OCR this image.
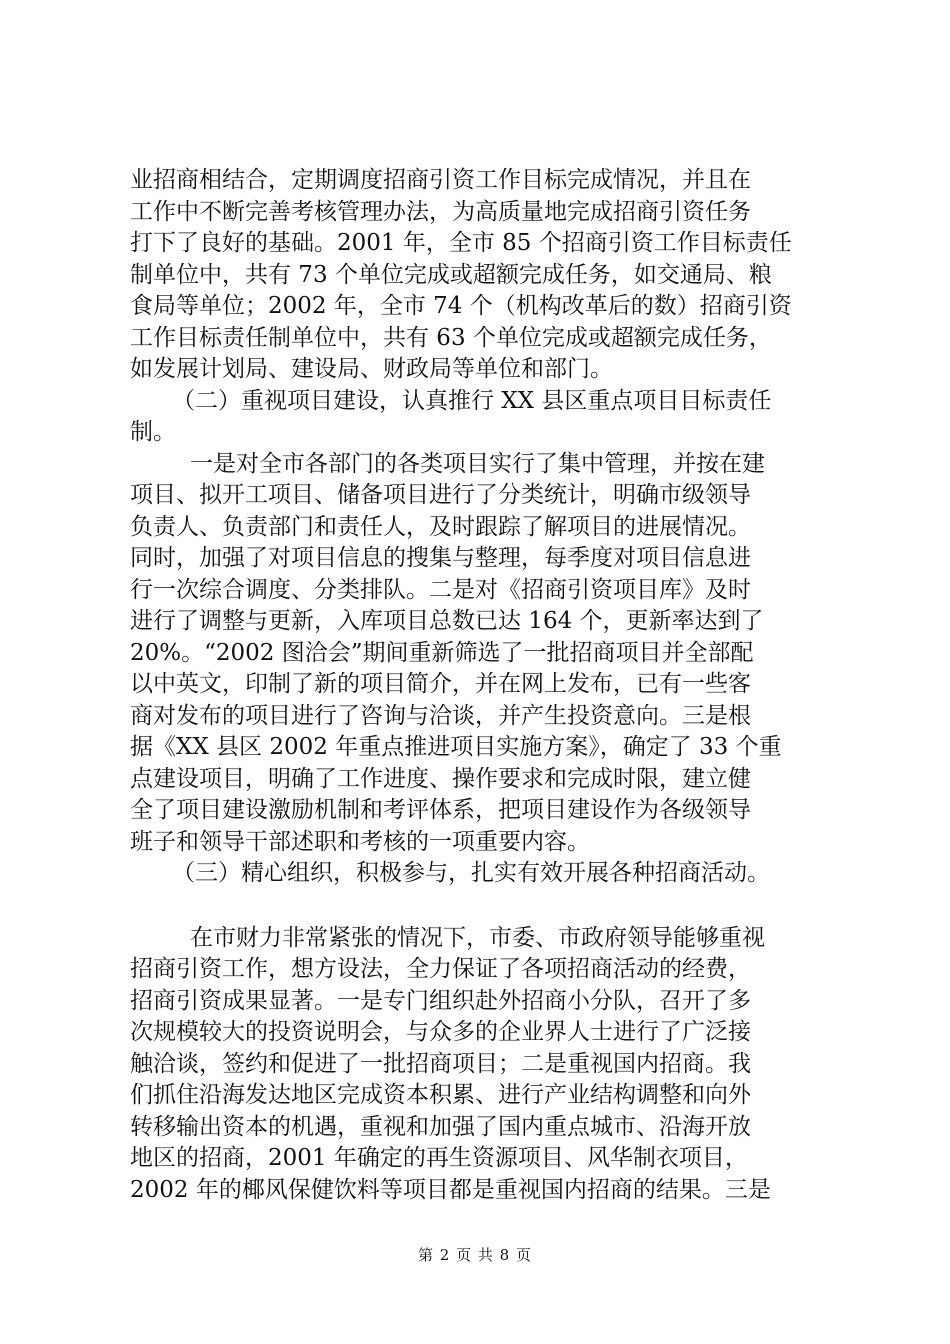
业招商相结合，定期调度招商引资工作目标完成情况，并且在
工作中不断完善考核管理办法，为高质量地完成招商引资任务
打下了良好的基础。2001 年，全市 85 个招商引资工作目标责任
制单位中，共有 73 个单位完成或超额完成任务，如交通局、粮
食局等单位；2002 年，全市 74 个（机构改革后的数）招商引资
工作目标责任制单位中，共有 63 个单位完成或超额完成任务，
如发展计划局、建设局、财政局等单位和部门。
（二）重视项目建设，认真推行 XX 县区重点项目目标责任
制。
一是对全市各部门的各类项目实行了集中管理，并按在建
项目、拟开工项目、储备项目进行了分类统计，明确市级领导
负责人、负责部门和责任人，及时跟踪了解项目的进展情况。
同时，加强了对项目信息的搜集与整理，每季度对项目信息进
行一次综合调度、分类排队。二是对《招商引资项目库》及时
进行了调整与更新，入库项目总数已达 164 个，更新率达到了
20%。“2002 图洽会”期间重新筛选了一批招商项目并全部配
以中英文，印制了新的项目简介，并在网上发布，已有一些客
商对发布的项目进行了咨询与洽谈，并产生投资意向。三是根
据《XX 县区 2002 年重点推进项目实施方案》，确定了 33 个重
点建设项目，明确了工作进度、操作要求和完成时限，建立健
全了项目建设激励机制和考评体系，把项目建设作为各级领导
班子和领导干部述职和考核的一项重要内容。
（三）精心组织，积极参与，扎实有效开展各种招商活动。
在市财力非常紧张的情况下，市委、市政府领导能够重视
招商引资工作，想方设法，全力保证了各项招商活动的经费，
招商引资成果显著。一是专门组织赴外招商小分队，召开了多
次规模较大的投资说明会，与众多的企业界人士进行了广泛接
触洽谈，签约和促进了一批招商项目；二是重视国内招商。我
们抓住沿海发达地区完成资本积累、进行产业结构调整和向外
转移输出资本的机遇，重视和加强了国内重点城市、沿海开放
地区的招商，2001 年确定的再生资源项目、风华制衣项目，
2002 年的椰风保健饮料等项目都是重视国内招商的结果。三是
第 2 页 共 8 页
